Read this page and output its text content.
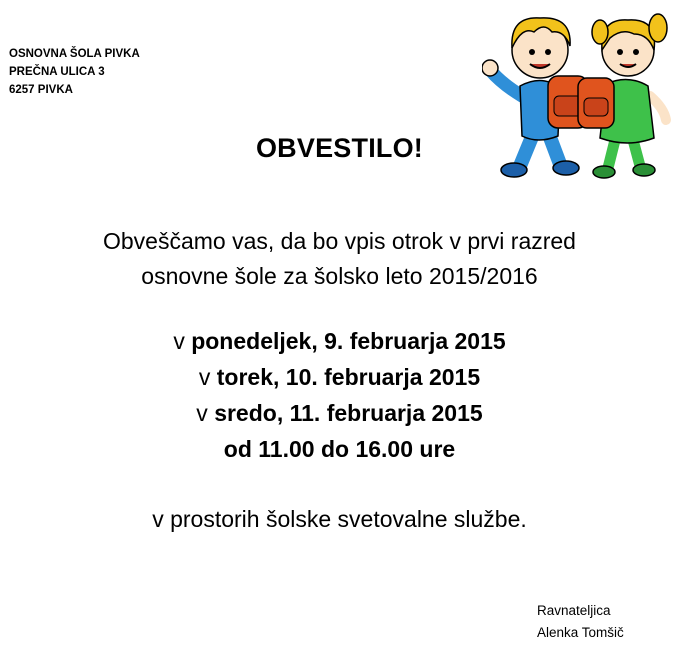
OSNOVNA ŠOLA PIVKA
PREČNA ULICA 3
6257 PIVKA
OBVESTILO!
Obveščamo vas, da bo vpis otrok v prvi razred
osnovne šole za šolsko leto 2015/2016
v ponedeljek, 9. februarja 2015
v torek, 10. februarja 2015
v sredo, 11. februarja 2015
od 11.00 do 16.00 ure
v prostorih šolske svetovalne službe.
Ravnateljica
Alenka Tomšič
